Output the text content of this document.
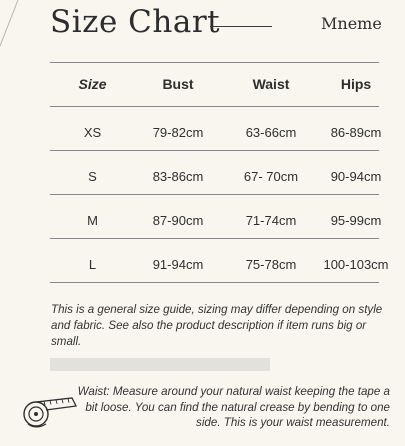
Size Chart	Mneme
Size	Bust	Waist	Hips
XS	79-82cm	63-66cm	86-89cm
S	83-86cm	67- 70cm	90-94cm
M	87-90cm	71-74cm	95-99cm
L	91-94cm	75-78cm	100-103cm
This is a general size guide, sizing may differ depending on style and fabric. See also the product description if item runs big or small.
Waist: Measure around your natural waist keeping the tape a bit loose. You can find the natural crease by bending to one side. This is your waist measurement.
